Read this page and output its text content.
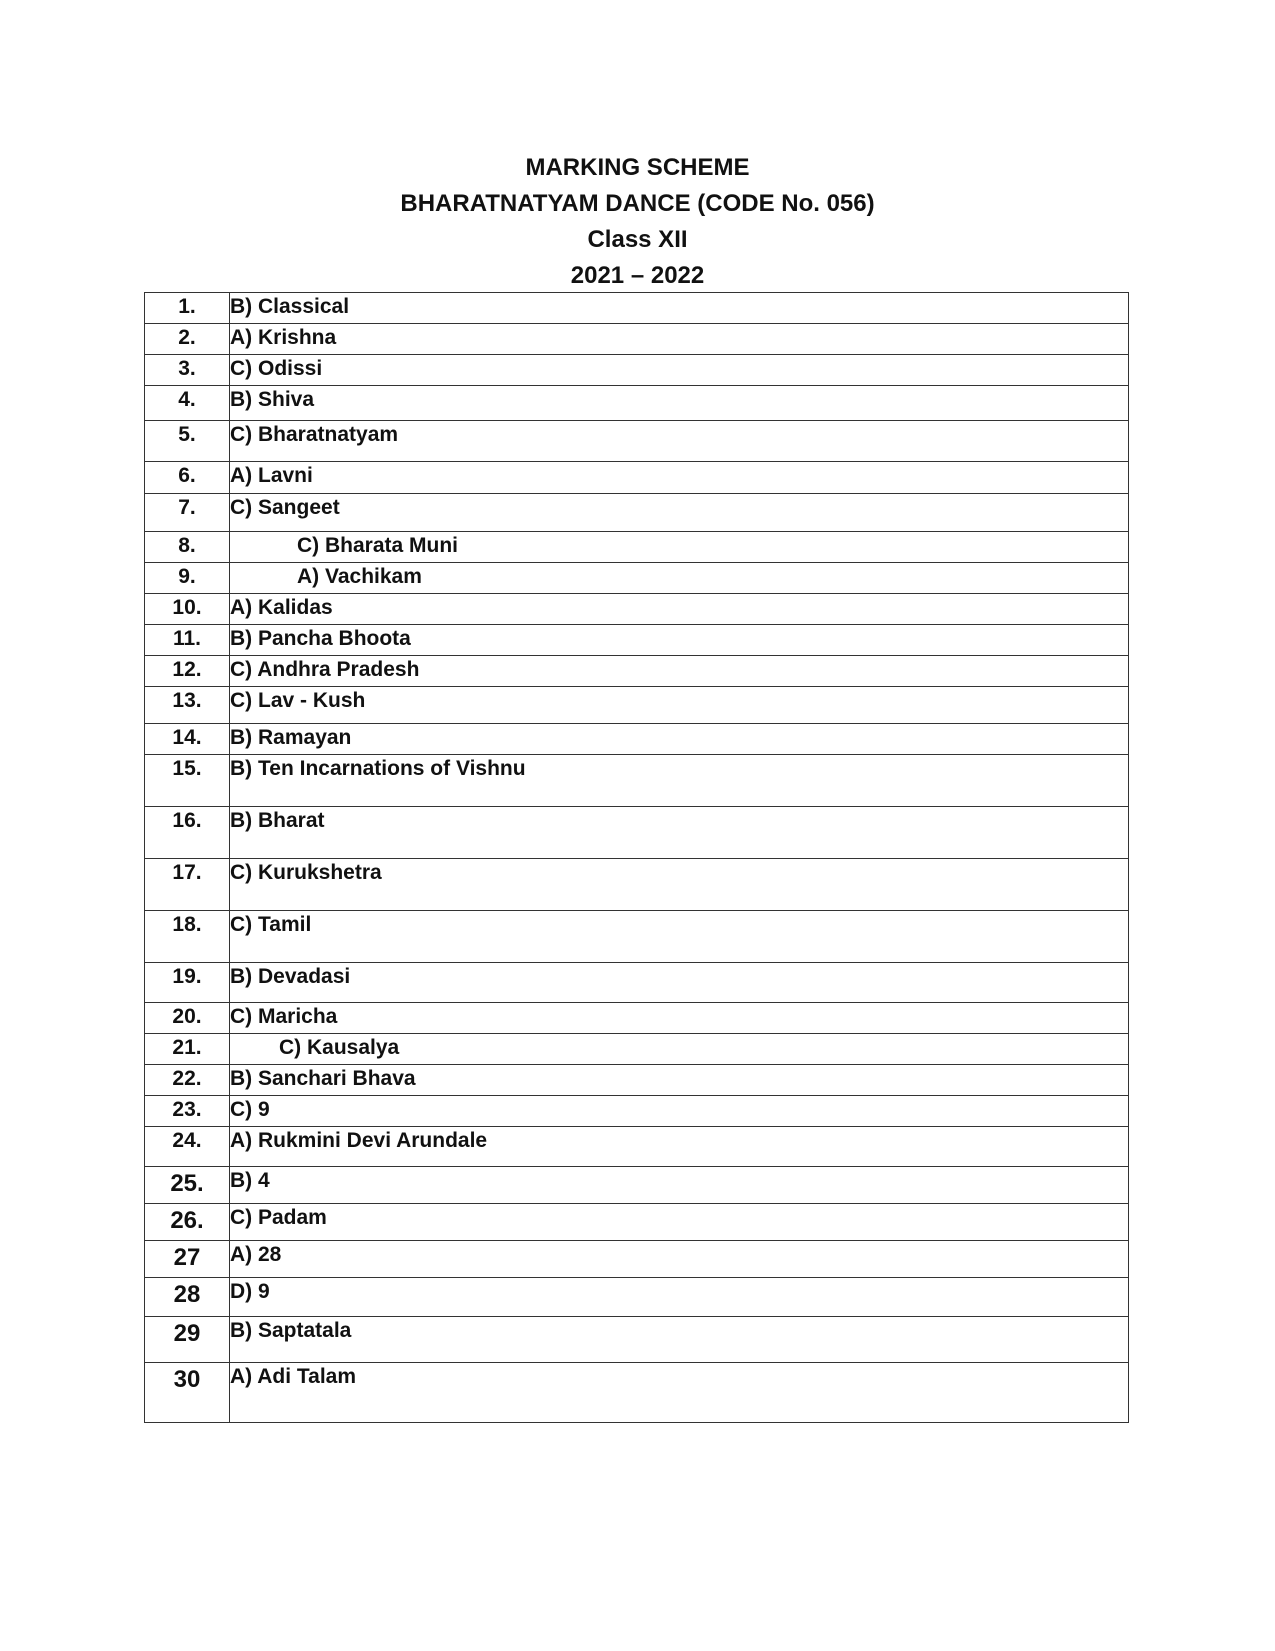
MARKING SCHEME
BHARATNATYAM DANCE (CODE No. 056)
Class XII
2021 – 2022
1.	B) Classical
2.	A) Krishna
3.	C) Odissi
4.	B) Shiva
5.	C) Bharatnatyam
6.	A) Lavni
7.	C) Sangeet
8.	C) Bharata Muni
9.	A) Vachikam
10.	A) Kalidas
11.	B) Pancha Bhoota
12.	C) Andhra Pradesh
13.	C) Lav - Kush
14.	B) Ramayan
15.	B) Ten Incarnations of Vishnu
16.	B) Bharat
17.	C) Kurukshetra
18.	C) Tamil
19.	B) Devadasi
20.	C) Maricha
21.	C) Kausalya
22.	B) Sanchari Bhava
23.	C) 9
24.	A) Rukmini Devi Arundale
25.	B) 4
26.	C) Padam
27	A) 28
28	D) 9
29	B) Saptatala
30	A) Adi Talam
